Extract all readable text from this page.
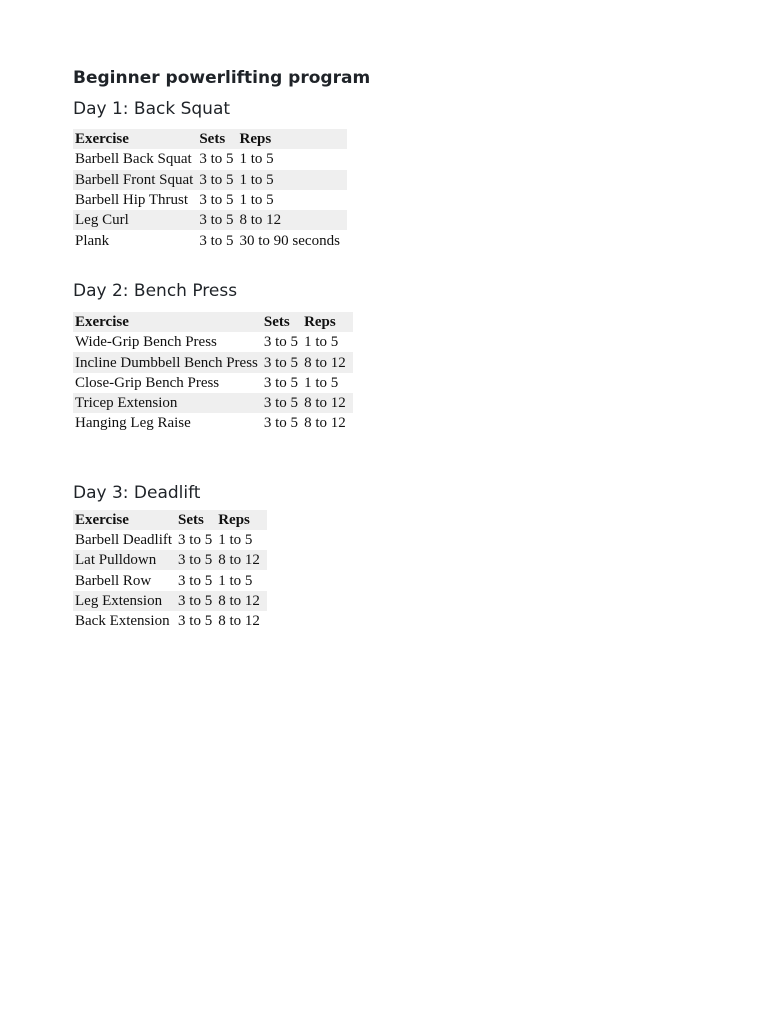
Beginner powerlifting program
Day 1: Back Squat
Exercise	Sets	Reps
Barbell Back Squat	3 to 5	1 to 5
Barbell Front Squat	3 to 5	1 to 5
Barbell Hip Thrust	3 to 5	1 to 5
Leg Curl	3 to 5	8 to 12
Plank	3 to 5	30 to 90 seconds
Day 2: Bench Press
Exercise	Sets	Reps
Wide-Grip Bench Press	3 to 5	1 to 5
Incline Dumbbell Bench Press	3 to 5	8 to 12
Close-Grip Bench Press	3 to 5	1 to 5
Tricep Extension	3 to 5	8 to 12
Hanging Leg Raise	3 to 5	8 to 12
Day 3: Deadlift
Exercise	Sets	Reps
Barbell Deadlift	3 to 5	1 to 5
Lat Pulldown	3 to 5	8 to 12
Barbell Row	3 to 5	1 to 5
Leg Extension	3 to 5	8 to 12
Back Extension	3 to 5	8 to 12
